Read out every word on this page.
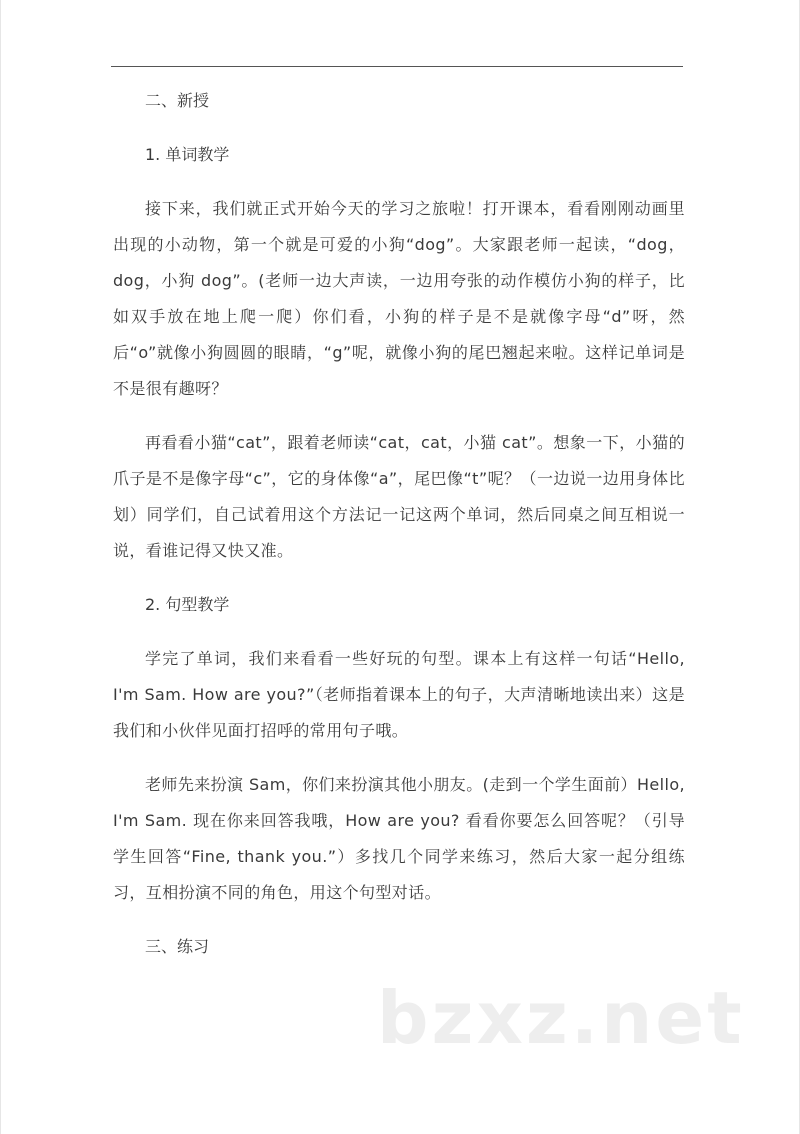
二、新授

1. 单词教学

接下来，我们就正式开始今天的学习之旅啦！打开课本，看看刚刚动画里出现的小动物，第一个就是可爱的小狗“dog”。大家跟老师一起读，“dog，dog，小狗 dog”。(老师一边大声读，一边用夸张的动作模仿小狗的样子，比如双手放在地上爬一爬）你们看，小狗的样子是不是就像字母“d”呀，然后“o”就像小狗圆圆的眼睛，“g”呢，就像小狗的尾巴翘起来啦。这样记单词是不是很有趣呀？

再看看小猫“cat”，跟着老师读“cat，cat，小猫 cat”。想象一下，小猫的爪子是不是像字母“c”，它的身体像“a”，尾巴像“t”呢？（一边说一边用身体比划）同学们，自己试着用这个方法记一记这两个单词，然后同桌之间互相说一说，看谁记得又快又准。

2. 句型教学

学完了单词，我们来看看一些好玩的句型。课本上有这样一句话“Hello, I'm Sam. How are you?”（老师指着课本上的句子，大声清晰地读出来）这是我们和小伙伴见面打招呼的常用句子哦。

老师先来扮演 Sam，你们来扮演其他小朋友。(走到一个学生面前）Hello, I'm Sam. 现在你来回答我哦，How are you? 看看你要怎么回答呢？（引导学生回答“Fine, thank you.”）多找几个同学来练习，然后大家一起分组练习，互相扮演不同的角色，用这个句型对话。

三、练习

bzxz.net
